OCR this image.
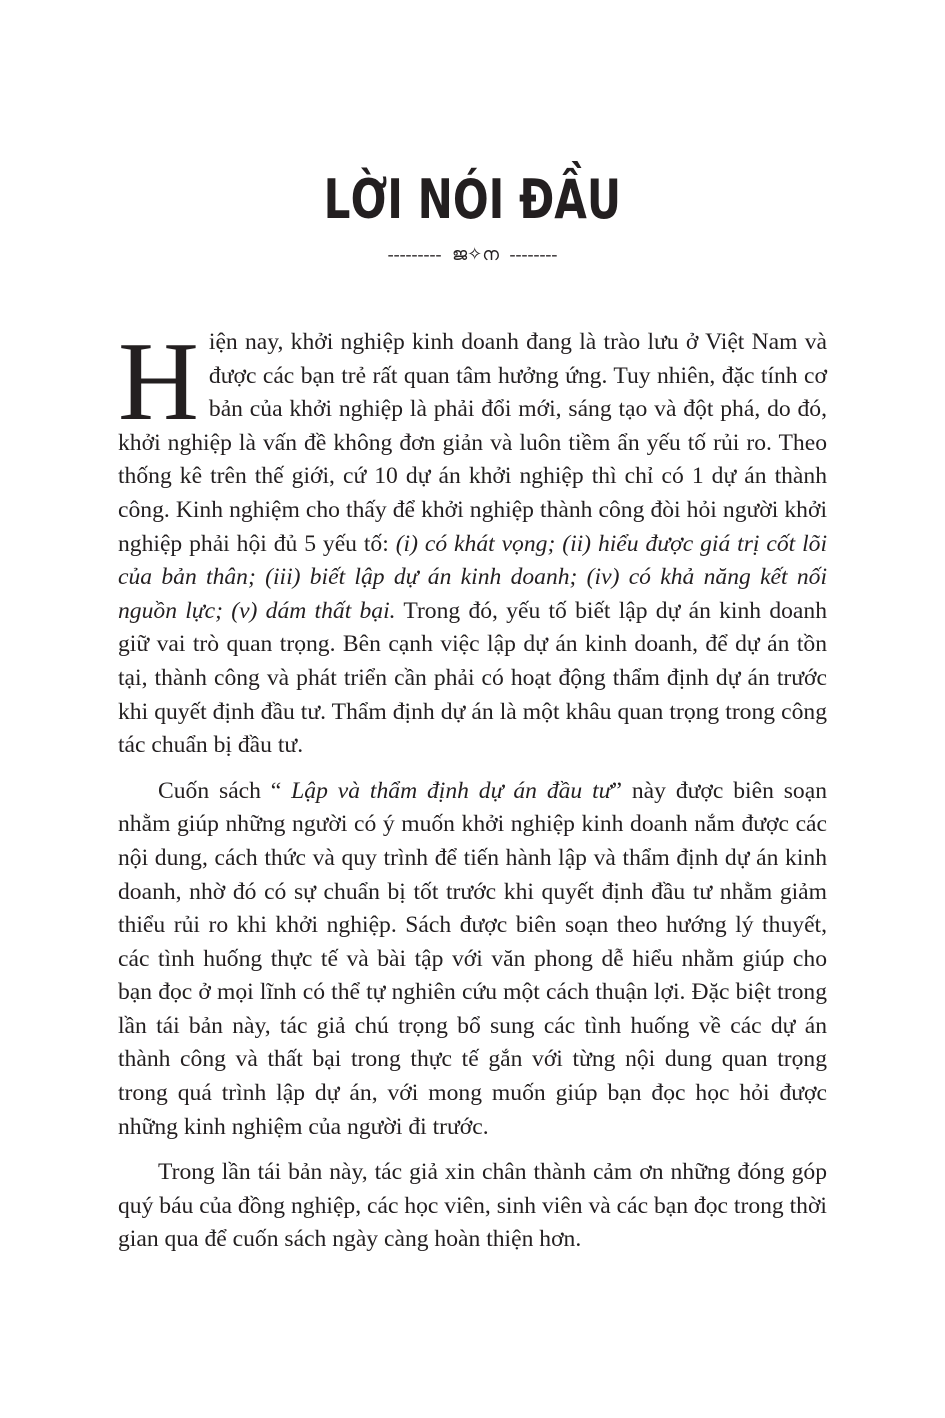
LỜI NÓI ĐẦU
--------- ജ✧ന --------

Hiện nay, khởi nghiệp kinh doanh đang là trào lưu ở Việt Nam và được các bạn trẻ rất quan tâm hưởng ứng. Tuy nhiên, đặc tính cơ bản của khởi nghiệp là phải đổi mới, sáng tạo và đột phá, do đó, khởi nghiệp là vấn đề không đơn giản và luôn tiềm ẩn yếu tố rủi ro. Theo thống kê trên thế giới, cứ 10 dự án khởi nghiệp thì chỉ có 1 dự án thành công. Kinh nghiệm cho thấy để khởi nghiệp thành công đòi hỏi người khởi nghiệp phải hội đủ 5 yếu tố: (i) có khát vọng; (ii) hiểu được giá trị cốt lõi của bản thân; (iii) biết lập dự án kinh doanh; (iv) có khả năng kết nối nguồn lực; (v) dám thất bại. Trong đó, yếu tố biết lập dự án kinh doanh giữ vai trò quan trọng. Bên cạnh việc lập dự án kinh doanh, để dự án tồn tại, thành công và phát triển cần phải có hoạt động thẩm định dự án trước khi quyết định đầu tư. Thẩm định dự án là một khâu quan trọng trong công tác chuẩn bị đầu tư.

Cuốn sách “ Lập và thẩm định dự án đầu tư” này được biên soạn nhằm giúp những người có ý muốn khởi nghiệp kinh doanh nắm được các nội dung, cách thức và quy trình để tiến hành lập và thẩm định dự án kinh doanh, nhờ đó có sự chuẩn bị tốt trước khi quyết định đầu tư nhằm giảm thiểu rủi ro khi khởi nghiệp. Sách được biên soạn theo hướng lý thuyết, các tình huống thực tế và bài tập với văn phong dễ hiểu nhằm giúp cho bạn đọc ở mọi lĩnh có thể tự nghiên cứu một cách thuận lợi. Đặc biệt trong lần tái bản này, tác giả chú trọng bổ sung các tình huống về các dự án thành công và thất bại trong thực tế gắn với từng nội dung quan trọng trong quá trình lập dự án, với mong muốn giúp bạn đọc học hỏi được những kinh nghiệm của người đi trước.

Trong lần tái bản này, tác giả xin chân thành cảm ơn những đóng góp quý báu của đồng nghiệp, các học viên, sinh viên và các bạn đọc trong thời gian qua để cuốn sách ngày càng hoàn thiện hơn.
